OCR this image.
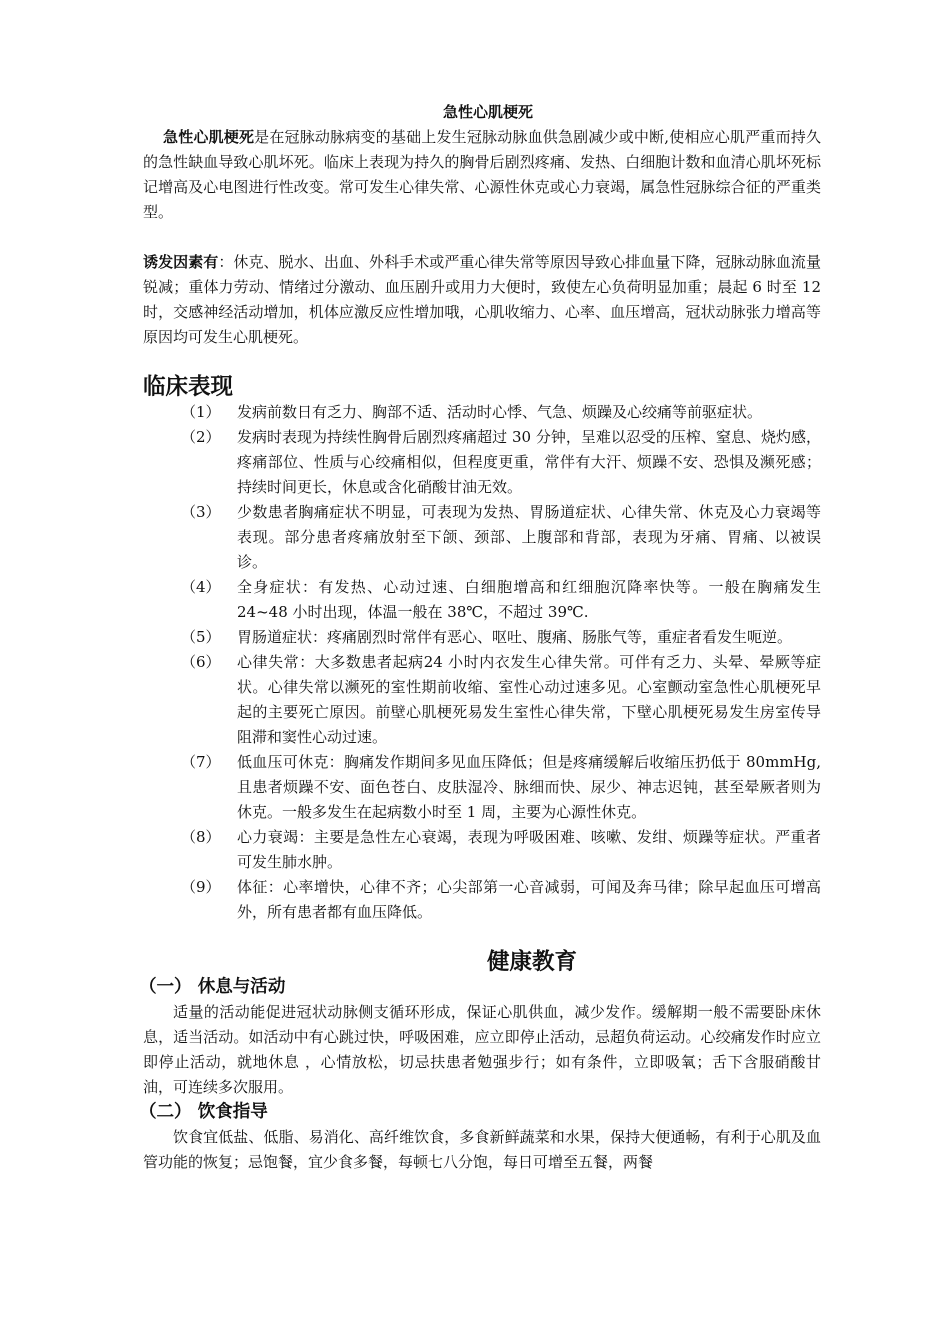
急性心肌梗死

急性心肌梗死是在冠脉动脉病变的基础上发生冠脉动脉血供急剧减少或中断,使相应心肌严重而持久的急性缺血导致心肌坏死。临床上表现为持久的胸骨后剧烈疼痛、发热、白细胞计数和血清心肌坏死标记增高及心电图进行性改变。常可发生心律失常、心源性休克或心力衰竭，属急性冠脉综合征的严重类型。

诱发因素有：休克、脱水、出血、外科手术或严重心律失常等原因导致心排血量下降，冠脉动脉血流量锐减；重体力劳动、情绪过分激动、血压剧升或用力大便时，致使左心负荷明显加重；晨起 6 时至 12 时，交感神经活动增加，机体应激反应性增加哦，心肌收缩力、心率、血压增高，冠状动脉张力增高等原因均可发生心肌梗死。

临床表现
（1）	发病前数日有乏力、胸部不适、活动时心悸、气急、烦躁及心绞痛等前驱症状。
（2）	发病时表现为持续性胸骨后剧烈疼痛超过 30 分钟，呈难以忍受的压榨、窒息、烧灼感，疼痛部位、性质与心绞痛相似，但程度更重，常伴有大汗、烦躁不安、恐惧及濒死感；持续时间更长，休息或含化硝酸甘油无效。
（3）	少数患者胸痛症状不明显，可表现为发热、胃肠道症状、心律失常、休克及心力衰竭等表现。部分患者疼痛放射至下颌、颈部、上腹部和背部，表现为牙痛、胃痛、以被误诊。
（4）	全身症状：有发热、心动过速、白细胞增高和红细胞沉降率快等。一般在胸痛发生 24~48 小时出现，体温一般在 38℃，不超过 39℃.
（5）	胃肠道症状：疼痛剧烈时常伴有恶心、呕吐、腹痛、肠胀气等，重症者看发生呃逆。
（6）	心律失常：大多数患者起病24 小时内衣发生心律失常。可伴有乏力、头晕、晕厥等症状。心律失常以濒死的室性期前收缩、室性心动过速多见。心室颤动室急性心肌梗死早起的主要死亡原因。前壁心肌梗死易发生室性心律失常，下壁心肌梗死易发生房室传导阻滞和窦性心动过速。
（7）	低血压可休克：胸痛发作期间多见血压降低；但是疼痛缓解后收缩压扔低于 80mmHg,且患者烦躁不安、面色苍白、皮肤湿冷、脉细而快、尿少、神志迟钝，甚至晕厥者则为休克。一般多发生在起病数小时至 1 周，主要为心源性休克。
（8）	心力衰竭：主要是急性左心衰竭，表现为呼吸困难、咳嗽、发绀、烦躁等症状。严重者可发生肺水肿。
（9）	体征：心率增快，心律不齐；心尖部第一心音减弱，可闻及奔马律；除早起血压可增高外，所有患者都有血压降低。
健康教育
（一） 休息与活动

适量的活动能促进冠状动脉侧支循环形成，保证心肌供血，减少发作。缓解期一般不需要卧床休息，适当活动。如活动中有心跳过快，呼吸困难，应立即停止活动，忌超负荷运动。心绞痛发作时应立即停止活动，就地休息 ，心情放松，切忌扶患者勉强步行；如有条件，立即吸氧；舌下含服硝酸甘油，可连续多次服用。

（二） 饮食指导

饮食宜低盐、低脂、易消化、高纤维饮食，多食新鲜蔬菜和水果，保持大便通畅，有利于心肌及血管功能的恢复；忌饱餐，宜少食多餐，每顿七八分饱，每日可增至五餐，两餐
